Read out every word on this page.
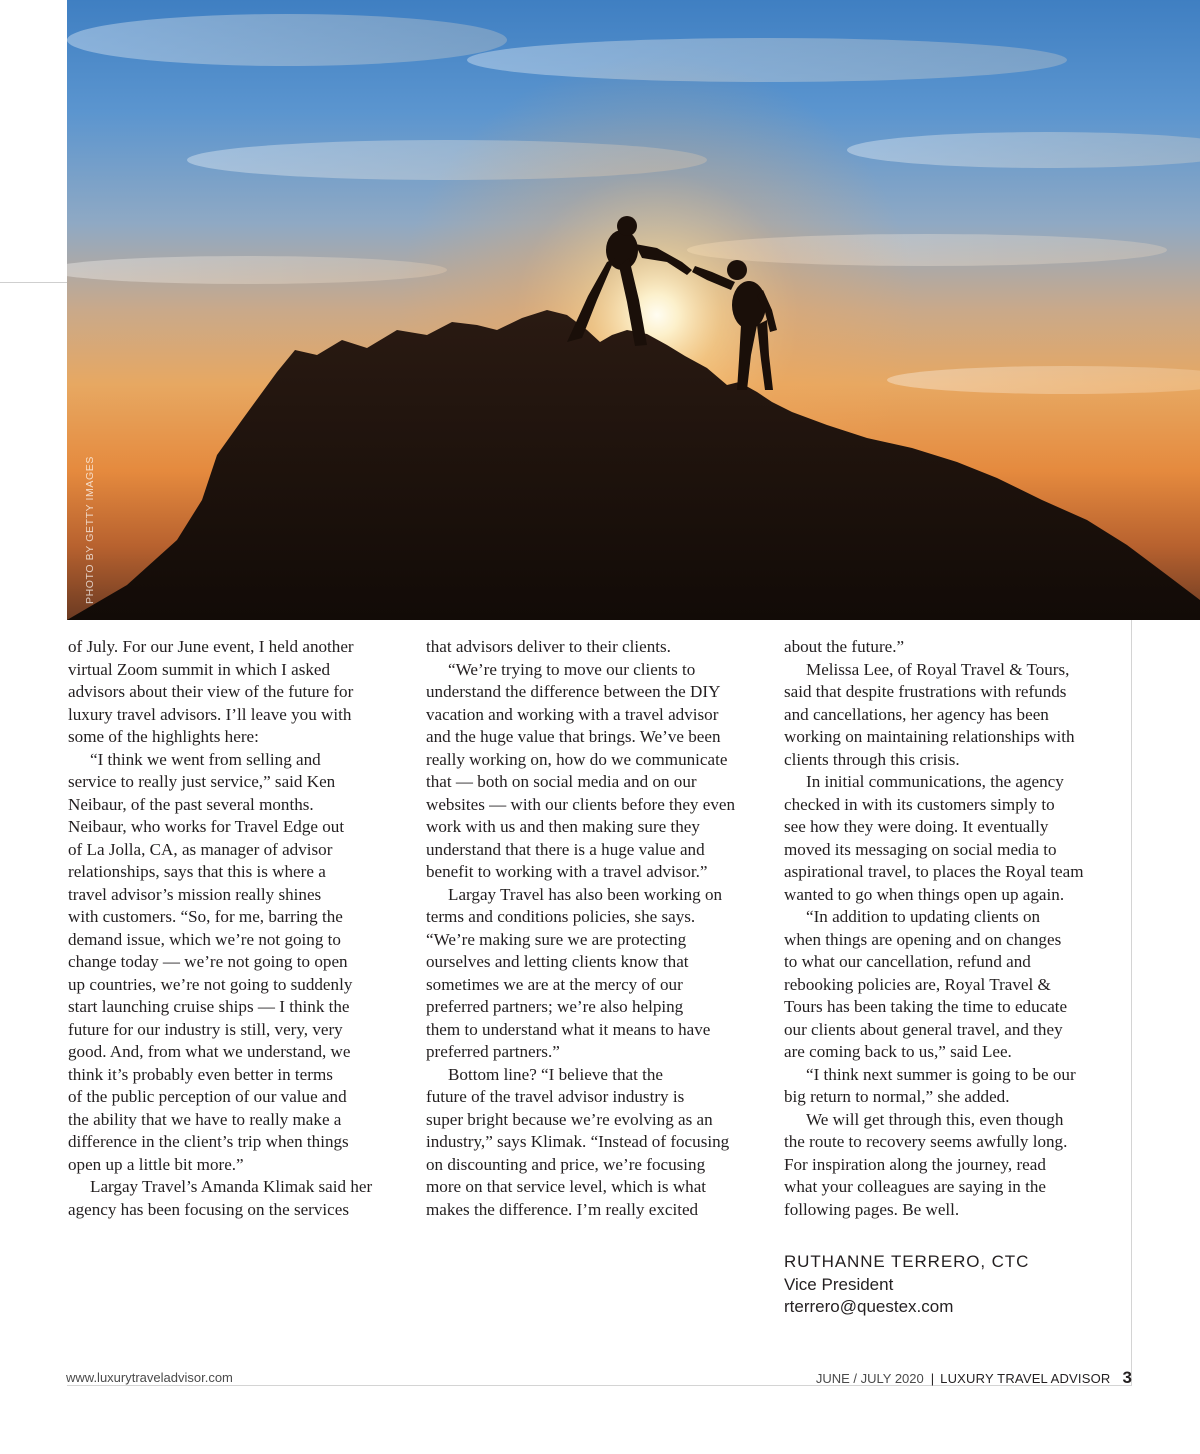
PHOTO BY GETTY IMAGES

of July. For our June event, I held another

virtual Zoom summit in which I asked

advisors about their view of the future for

luxury travel advisors. I’ll leave you with

some of the highlights here:

“I think we went from selling and

service to really just service,” said Ken

Neibaur, of the past several months.

Neibaur, who works for Travel Edge out

of La Jolla, CA, as manager of advisor

relationships, says that this is where a

travel advisor’s mission really shines

with customers. “So, for me, barring the

demand issue, which we’re not going to

change today — we’re not going to open

up countries, we’re not going to suddenly

start launching cruise ships — I think the

future for our industry is still, very, very

good. And, from what we understand, we

think it’s probably even better in terms

of the public perception of our value and

the ability that we have to really make a

difference in the client’s trip when things

open up a little bit more.”

Largay Travel’s Amanda Klimak said her

agency has been focusing on the services

that advisors deliver to their clients.

“We’re trying to move our clients to

understand the difference between the DIY

vacation and working with a travel advisor

and the huge value that brings. We’ve been

really working on, how do we communicate

that — both on social media and on our

websites — with our clients before they even

work with us and then making sure they

understand that there is a huge value and

benefit to working with a travel advisor.”

Largay Travel has also been working on

terms and conditions policies, she says.

“We’re making sure we are protecting

ourselves and letting clients know that

sometimes we are at the mercy of our

preferred partners; we’re also helping

them to understand what it means to have

preferred partners.”

Bottom line? “I believe that the

future of the travel advisor industry is

super bright because we’re evolving as an

industry,” says Klimak. “Instead of focusing

on discounting and price, we’re focusing

more on that service level, which is what

makes the difference. I’m really excited

about the future.”

Melissa Lee, of Royal Travel & Tours,

said that despite frustrations with refunds

and cancellations, her agency has been

working on maintaining relationships with

clients through this crisis.

In initial communications, the agency

checked in with its customers simply to

see how they were doing. It eventually

moved its messaging on social media to

aspirational travel, to places the Royal team

wanted to go when things open up again.

“In addition to updating clients on

when things are opening and on changes

to what our cancellation, refund and

rebooking policies are, Royal Travel &

Tours has been taking the time to educate

our clients about general travel, and they

are coming back to us,” said Lee.

“I think next summer is going to be our

big return to normal,” she added.

We will get through this, even though

the route to recovery seems awfully long.

For inspiration along the journey, read

what your colleagues are saying in the

following pages. Be well.

RUTHANNE TERRERO, CTC
Vice President
rterrero@questex.com
www.luxurytraveladvisor.com	JUNE / JULY 2020 | LUXURY TRAVEL ADVISOR 3
